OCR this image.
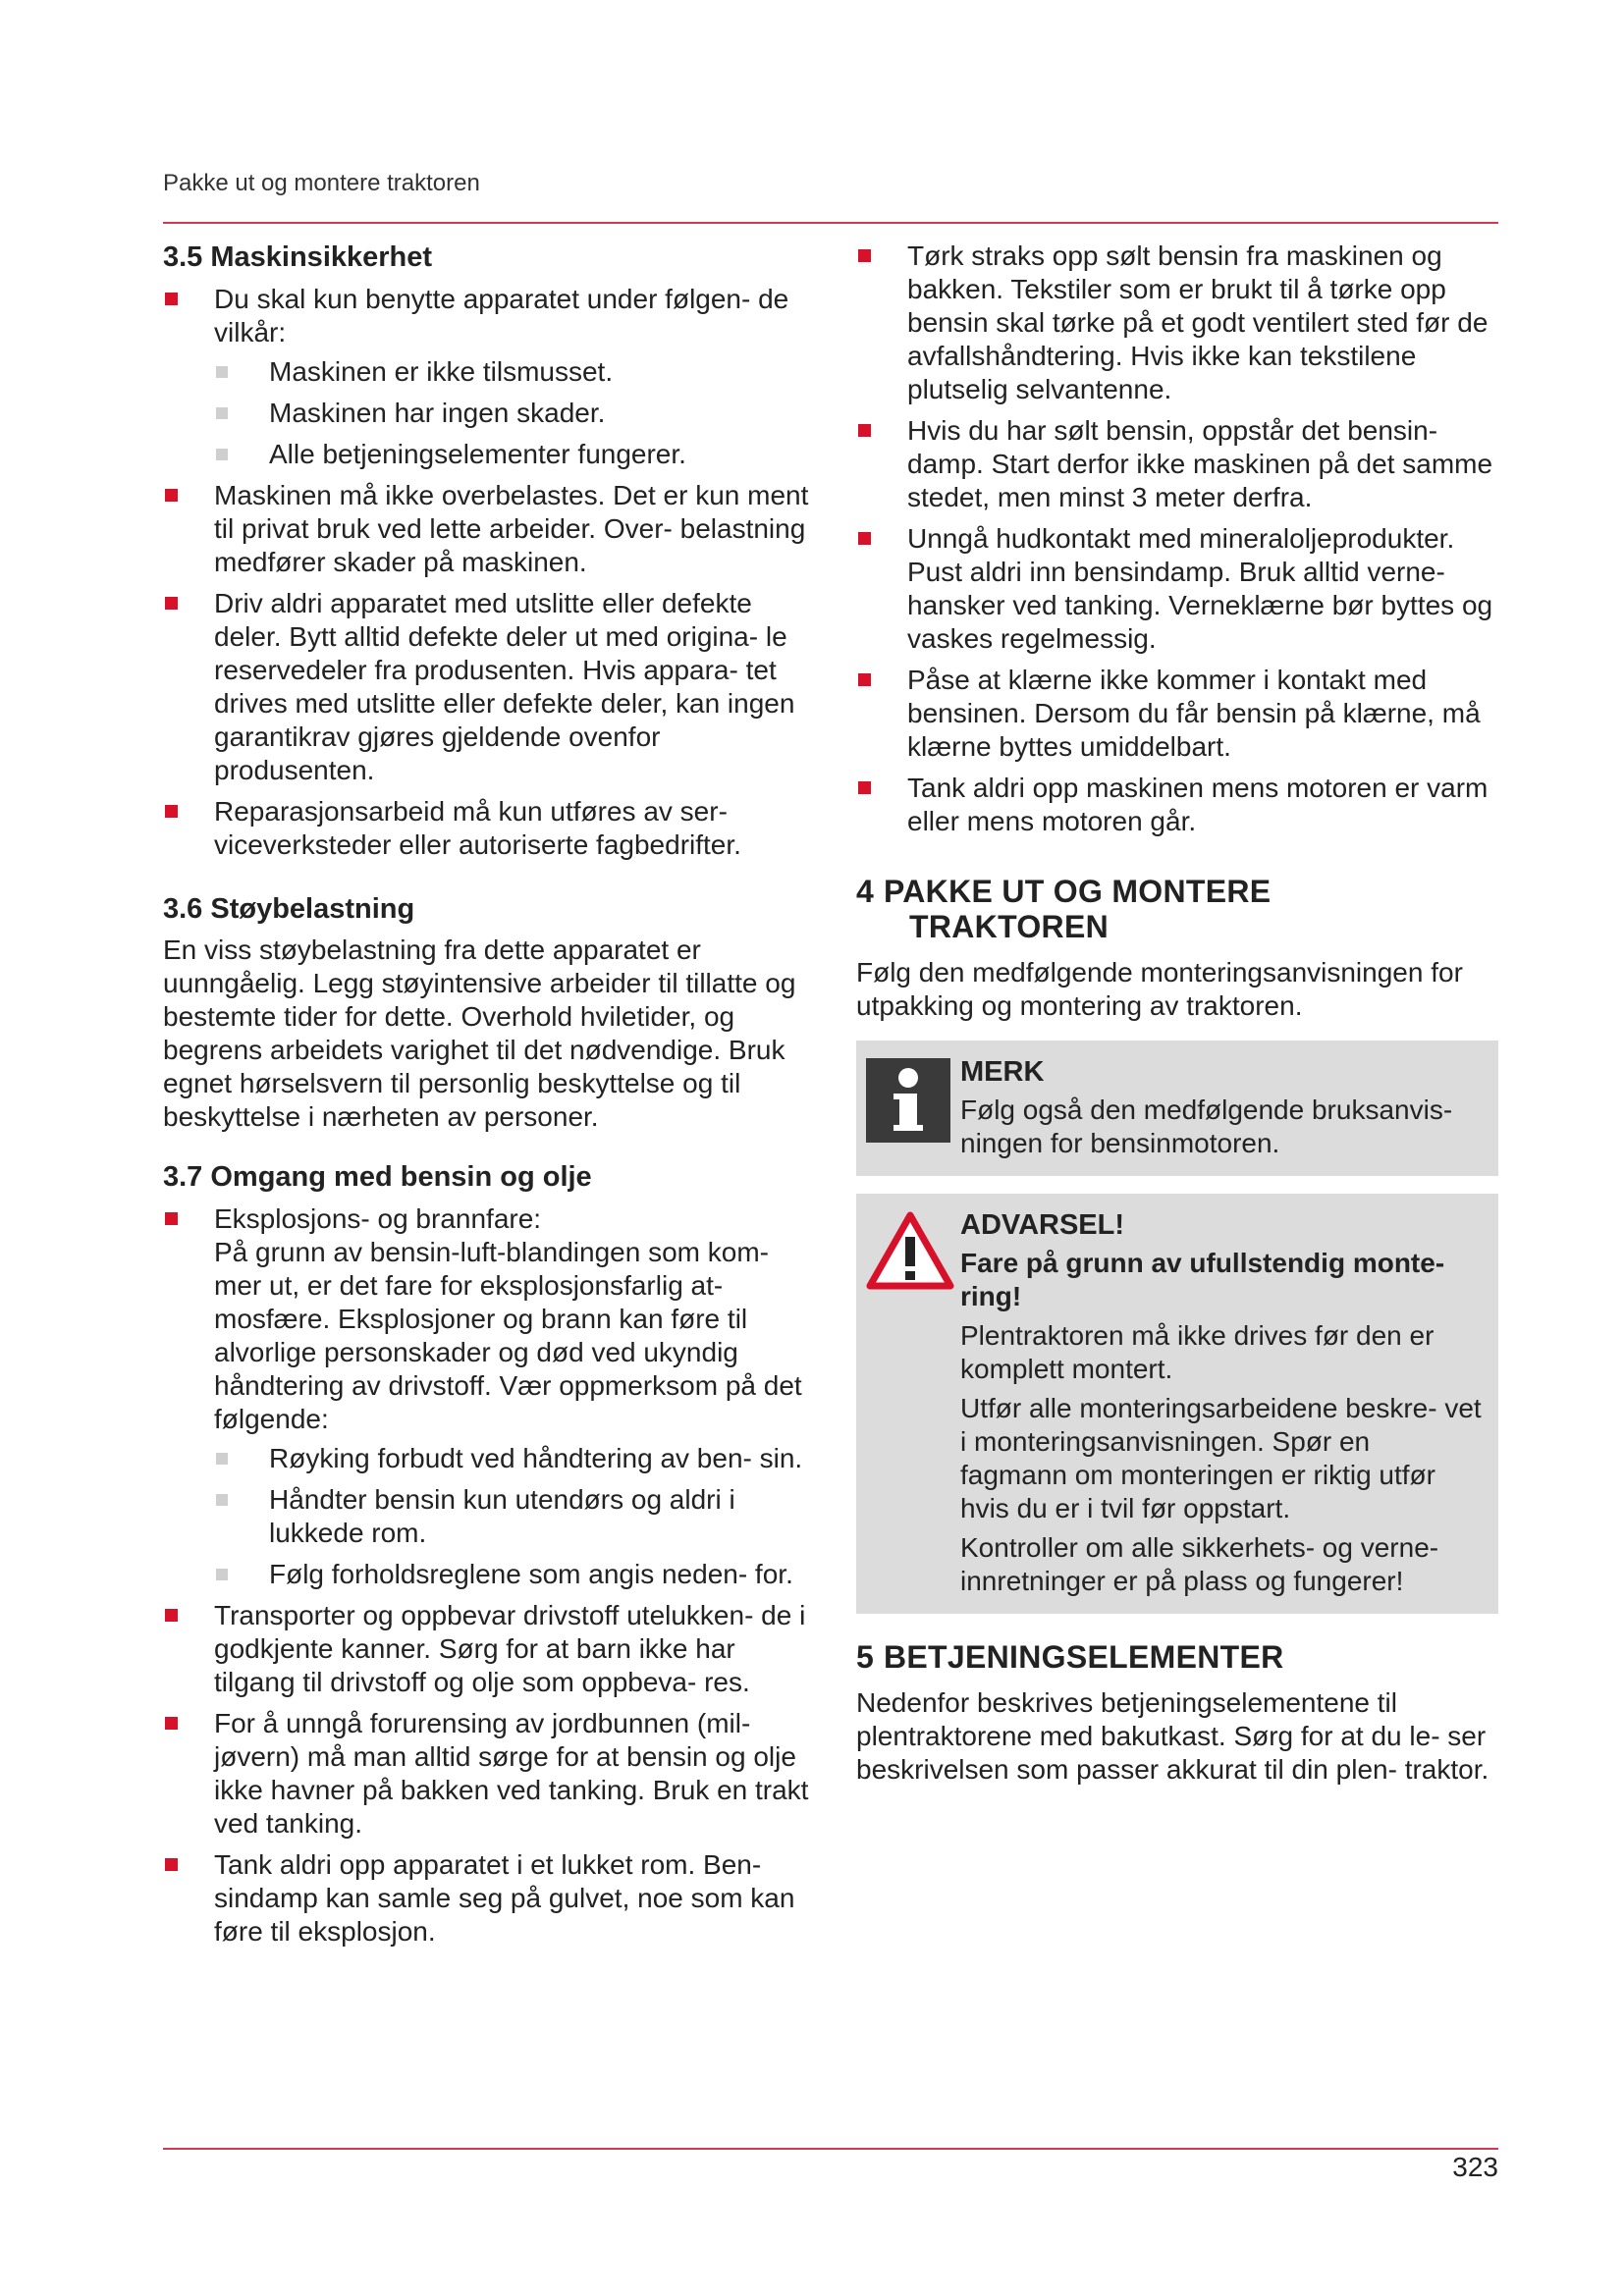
Pakke ut og montere traktoren
3.5 Maskinsikkerhet
Du skal kun benytte apparatet under følgen- de vilkår:
Maskinen er ikke tilsmusset.
Maskinen har ingen skader.
Alle betjeningselementer fungerer.
Maskinen må ikke overbelastes. Det er kun ment til privat bruk ved lette arbeider. Over- belastning medfører skader på maskinen.
Driv aldri apparatet med utslitte eller defekte deler. Bytt alltid defekte deler ut med origina- le reservedeler fra produsenten. Hvis appara- tet drives med utslitte eller defekte deler, kan ingen garantikrav gjøres gjeldende ovenfor produsenten.
Reparasjonsarbeid må kun utføres av ser- viceverksteder eller autoriserte fagbedrifter.
3.6 Støybelastning

En viss støybelastning fra dette apparatet er uunngåelig. Legg støyintensive arbeider til tillatte og bestemte tider for dette. Overhold hviletider, og begrens arbeidets varighet til det nødvendige. Bruk egnet hørselsvern til personlig beskyttelse og til beskyttelse i nærheten av personer.

3.7 Omgang med bensin og olje
Eksplosjons- og brannfare:
På grunn av bensin-luft-blandingen som kom- mer ut, er det fare for eksplosjonsfarlig at- mosfære. Eksplosjoner og brann kan føre til alvorlige personskader og død ved ukyndig håndtering av drivstoff. Vær oppmerksom på det følgende:
Røyking forbudt ved håndtering av ben- sin.
Håndter bensin kun utendørs og aldri i lukkede rom.
Følg forholdsreglene som angis neden- for.
Transporter og oppbevar drivstoff utelukken- de i godkjente kanner. Sørg for at barn ikke har tilgang til drivstoff og olje som oppbeva- res.
For å unngå forurensing av jordbunnen (mil- jøvern) må man alltid sørge for at bensin og olje ikke havner på bakken ved tanking. Bruk en trakt ved tanking.
Tank aldri opp apparatet i et lukket rom. Ben- sindamp kan samle seg på gulvet, noe som kan føre til eksplosjon.
Tørk straks opp sølt bensin fra maskinen og bakken. Tekstiler som er brukt til å tørke opp bensin skal tørke på et godt ventilert sted før de avfallshåndtering. Hvis ikke kan tekstilene plutselig selvantenne.
Hvis du har sølt bensin, oppstår det bensin- damp. Start derfor ikke maskinen på det samme stedet, men minst 3 meter derfra.
Unngå hudkontakt med mineraloljeprodukter. Pust aldri inn bensindamp. Bruk alltid verne- hansker ved tanking. Verneklærne bør byttes og vaskes regelmessig.
Påse at klærne ikke kommer i kontakt med bensinen. Dersom du får bensin på klærne, må klærne byttes umiddelbart.
Tank aldri opp maskinen mens motoren er varm eller mens motoren går.
4 PAKKE UT OG MONTERE
TRAKTOREN

Følg den medfølgende monteringsanvisningen for utpakking og montering av traktoren.

MERK

Følg også den medfølgende bruksanvis- ningen for bensinmotoren.

ADVARSEL!

Fare på grunn av ufullstendig monte- ring!

Plentraktoren må ikke drives før den er komplett montert.

Utfør alle monteringsarbeidene beskre- vet i monteringsanvisningen. Spør en fagmann om monteringen er riktig utfør hvis du er i tvil før oppstart.

Kontroller om alle sikkerhets- og verne- innretninger er på plass og fungerer!

5 BETJENINGSELEMENTER

Nedenfor beskrives betjeningselementene til plentraktorene med bakutkast. Sørg for at du le- ser beskrivelsen som passer akkurat til din plen- traktor.

323
